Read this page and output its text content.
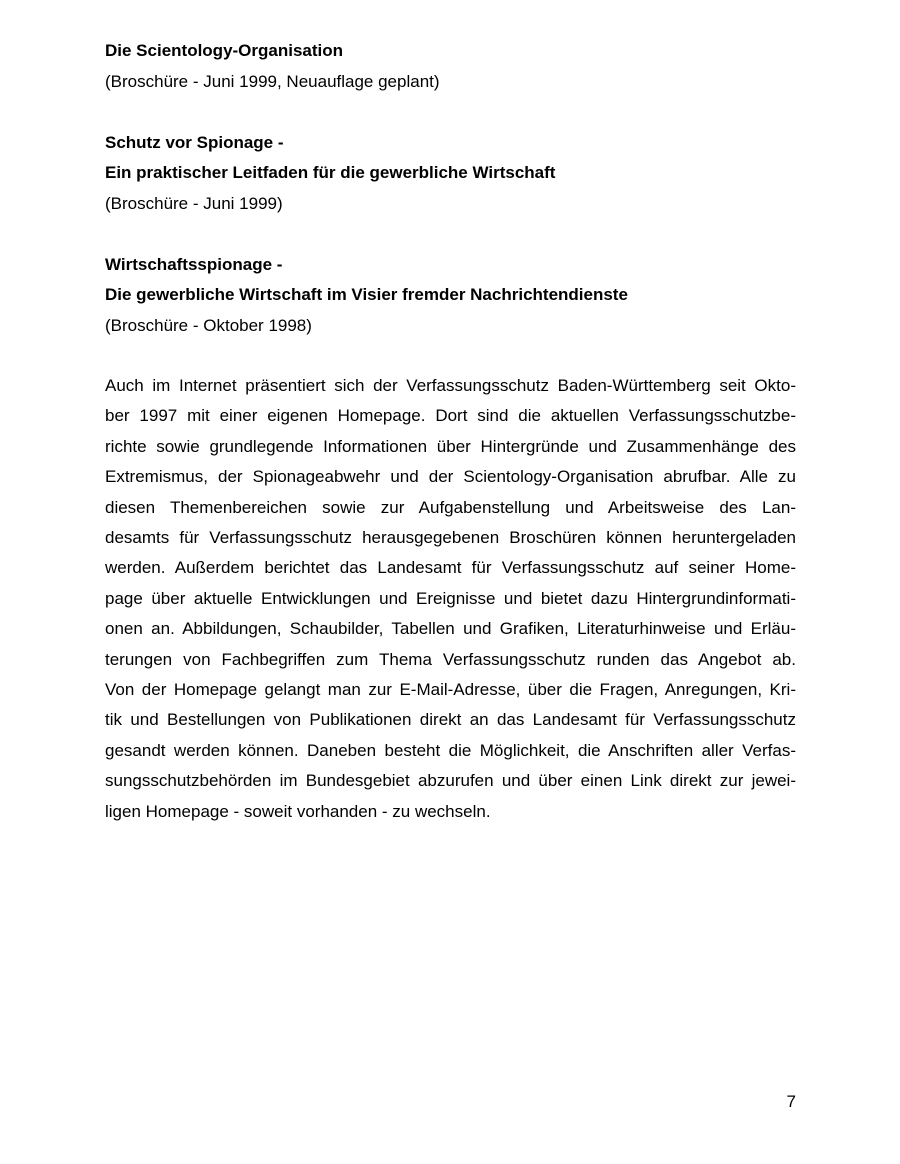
Die Scientology-Organisation
(Broschüre - Juni 1999, Neuauflage geplant)
Schutz vor Spionage -
Ein praktischer Leitfaden für die gewerbliche Wirtschaft
(Broschüre - Juni 1999)
Wirtschaftsspionage -
Die gewerbliche Wirtschaft im Visier fremder Nachrichtendienste
(Broschüre - Oktober 1998)
Auch im Internet präsentiert sich der Verfassungsschutz Baden-Württemberg seit Okto-
ber 1997 mit einer eigenen Homepage. Dort sind die aktuellen Verfassungsschutzbe-
richte sowie grundlegende Informationen über Hintergründe und Zusammenhänge des
Extremismus, der Spionageabwehr und der Scientology-Organisation abrufbar. Alle zu
diesen Themenbereichen sowie zur Aufgabenstellung und Arbeitsweise des Lan-
desamts für Verfassungsschutz herausgegebenen Broschüren können heruntergeladen
werden. Außerdem berichtet das Landesamt für Verfassungsschutz auf seiner Home-
page über aktuelle Entwicklungen und Ereignisse und bietet dazu Hintergrundinformati-
onen an. Abbildungen, Schaubilder, Tabellen und Grafiken, Literaturhinweise und Erläu-
terungen von Fachbegriffen zum Thema Verfassungsschutz runden das Angebot ab.
Von der Homepage gelangt man zur E-Mail-Adresse, über die Fragen, Anregungen, Kri-
tik und Bestellungen von Publikationen direkt an das Landesamt für Verfassungsschutz
gesandt werden können. Daneben besteht die Möglichkeit, die Anschriften aller Verfas-
sungsschutzbehörden im Bundesgebiet abzurufen und über einen Link direkt zur jewei-
ligen Homepage - soweit vorhanden - zu wechseln.
7
